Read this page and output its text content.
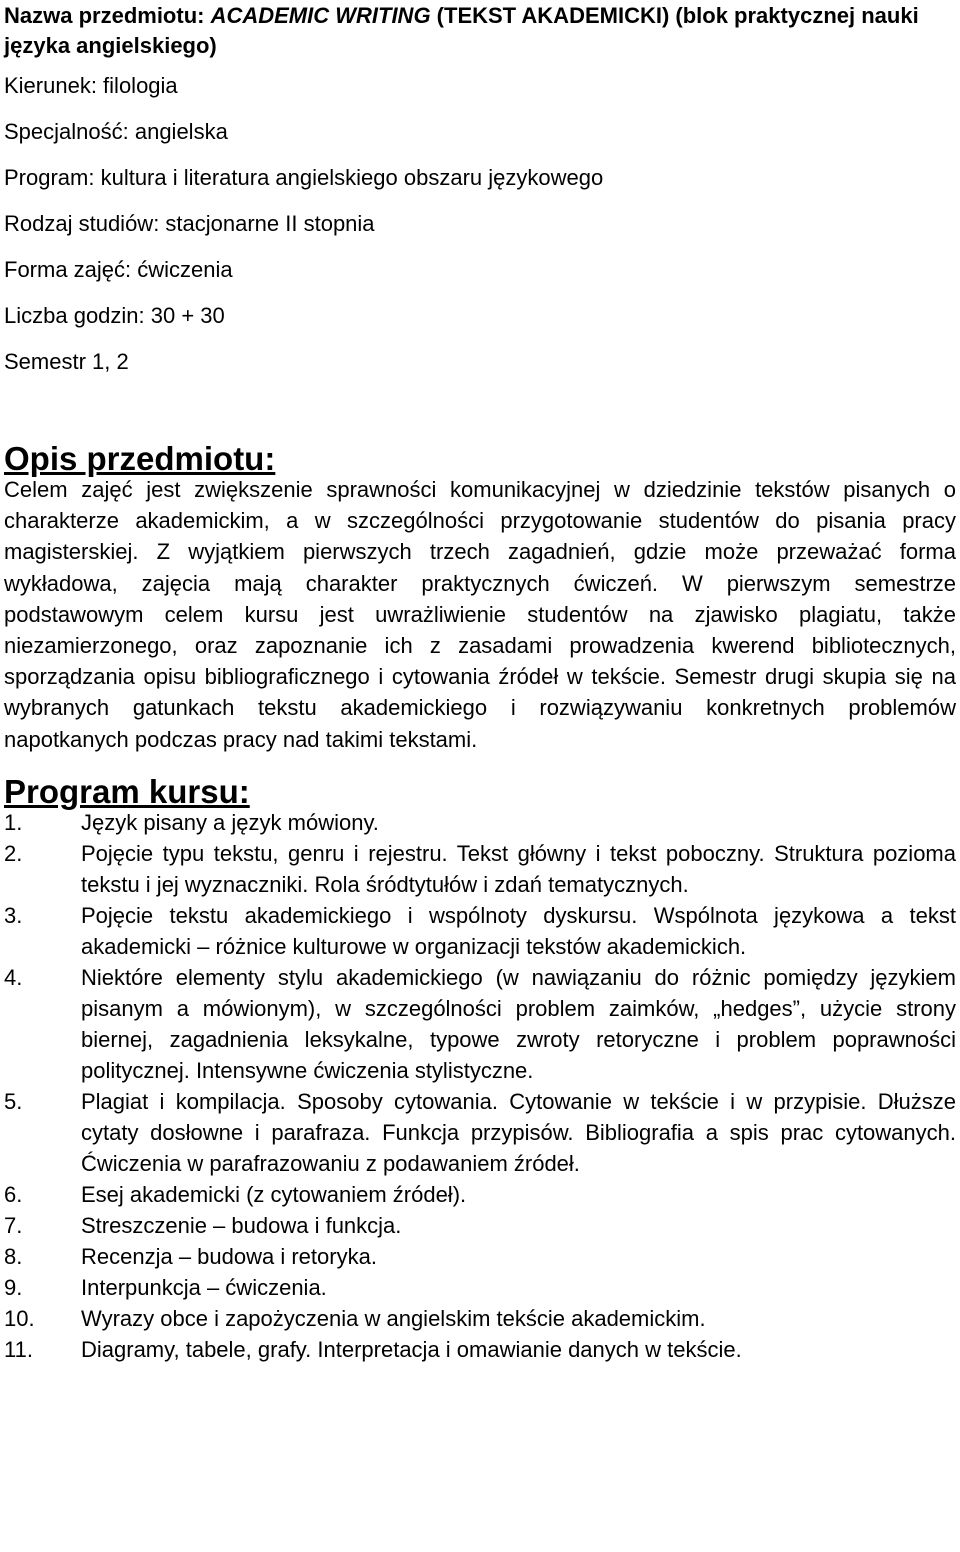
Nazwa przedmiotu: ACADEMIC WRITING (TEKST AKADEMICKI) (blok praktycznej nauki języka angielskiego)
Kierunek: filologia
Specjalność: angielska
Program: kultura i literatura angielskiego obszaru językowego
Rodzaj studiów: stacjonarne II stopnia
Forma zajęć: ćwiczenia
Liczba godzin: 30 + 30
Semestr 1, 2
Opis przedmiotu:

Celem zajęć jest zwiększenie sprawności komunikacyjnej w dziedzinie tekstów pisanych o charakterze akademickim, a w szczególności przygotowanie studentów do pisania pracy magisterskiej. Z wyjątkiem pierwszych trzech zagadnień, gdzie może przeważać forma wykładowa, zajęcia mają charakter praktycznych ćwiczeń. W pierwszym semestrze podstawowym celem kursu jest uwrażliwienie studentów na zjawisko plagiatu, także niezamierzonego, oraz zapoznanie ich z zasadami prowadzenia kwerend bibliotecznych, sporządzania opisu bibliograficznego i cytowania źródeł w tekście. Semestr drugi skupia się na wybranych gatunkach tekstu akademickiego i rozwiązywaniu konkretnych problemów napotkanych podczas pracy nad takimi tekstami.

Program kursu:
1.	Język pisany a język mówiony.
2.	Pojęcie typu tekstu, genru i rejestru. Tekst główny i tekst poboczny. Struktura pozioma tekstu i jej wyznaczniki. Rola śródtytułów i zdań tematycznych.
3.	Pojęcie tekstu akademickiego i wspólnoty dyskursu. Wspólnota językowa a tekst akademicki – różnice kulturowe w organizacji tekstów akademickich.
4.	Niektóre elementy stylu akademickiego (w nawiązaniu do różnic pomiędzy językiem pisanym a mówionym), w szczególności problem zaimków, „hedges”, użycie strony biernej, zagadnienia leksykalne, typowe zwroty retoryczne i problem poprawności politycznej. Intensywne ćwiczenia stylistyczne.
5.	Plagiat i kompilacja. Sposoby cytowania. Cytowanie w tekście i w przypisie. Dłuższe cytaty dosłowne i parafraza. Funkcja przypisów. Bibliografia a spis prac cytowanych. Ćwiczenia w parafrazowaniu z podawaniem źródeł.
6.	Esej akademicki (z cytowaniem źródeł).
7.	Streszczenie – budowa i funkcja.
8.	Recenzja – budowa i retoryka.
9.	Interpunkcja – ćwiczenia.
10.	Wyrazy obce i zapożyczenia w angielskim tekście akademickim.
11.	Diagramy, tabele, grafy. Interpretacja i omawianie danych w tekście.
